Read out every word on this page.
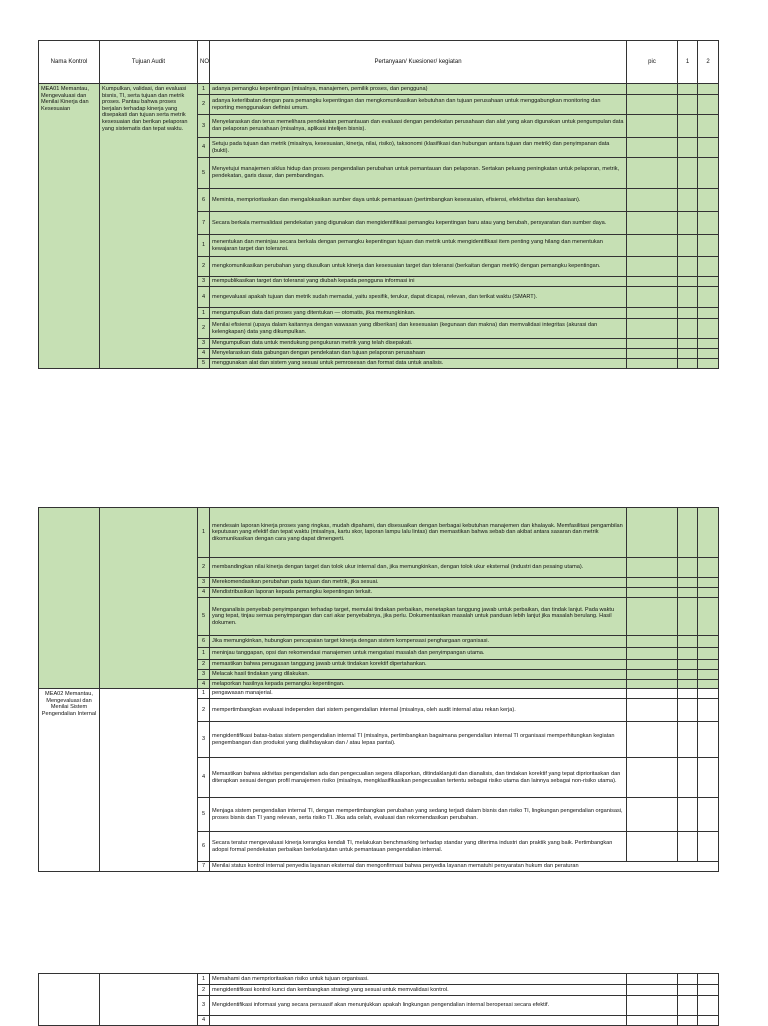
Nama Kontrol	Tujuan Audit	NO	Pertanyaan/ Kuesioner/ kegiatan	pic	1	2
MEA01 Memantau, Mengevaluasi dan Menilai Kinerja dan Kesesuaian	Kumpulkan, validasi, dan evaluasi bisnis, TI, serta tujuan dan metrik proses. Pantau bahwa proses berjalan terhadap kinerja yang disepakati dan tujuan serta metrik kesesuaian dan berikan pelaporan yang sistematis dan tepat waktu.	1	adanya pemangku kepentingan (misalnya, manajemen, pemilik proses, dan pengguna)			
		2	adanya keterlibatan dengan para pemangku kepentingan dan mengkomunikasikan kebutuhan dan tujuan perusahaan untuk menggabungkan monitoring dan reporting menggunakan definisi umum.			
		3	Menyelaraskan dan terus memelihara pendekatan pemantauan dan evaluasi dengan pendekatan perusahaan dan alat yang akan digunakan untuk pengumpulan data dan pelaporan perusahaan (misalnya, aplikasi intelijen bisnis).			
		4	Setuju pada tujuan dan metrik (misalnya, kesesuaian, kinerja, nilai, risiko), taksonomi (klasifikasi dan hubungan antara tujuan dan metrik) dan penyimpanan data (bukti).			
		5	Menyetujui manajemen siklus hidup dan proses pengendalian perubahan untuk pemantauan dan pelaporan. Sertakan peluang peningkatan untuk pelaporan, metrik, pendekatan, garis dasar, dan pembandingan.			
		6	Meminta, memprioritaskan dan mengalokasikan sumber daya untuk pemantauan (pertimbangkan kesesuaian, efisiensi, efektivitas dan kerahasiaan).			
		7	Secara berkala memvalidasi pendekatan yang digunakan dan mengidentifikasi pemangku kepentingan baru atau yang berubah, persyaratan dan sumber daya.			
		1	menentukan dan meninjau secara berkala dengan pemangku kepentingan tujuan dan metrik untuk mengidentifikasi item penting yang hilang dan menentukan kewajaran target dan toleransi.			
		2	mengkomunikasikan perubahan yang diusulkan untuk kinerja dan kesesuaian target dan toleransi (berkaitan dengan metrik) dengan pemangku kepentingan.			
		3	mempublikasikan target dan toleransi yang diubah kepada pengguna informasi ini			
		4	mengevaluasi apakah tujuan dan metrik sudah memadai, yaitu spesifik, terukur, dapat dicapai, relevan, dan terikat waktu (SMART).			
		1	mengumpulkan data dari proses yang ditentukan — otomatis, jika memungkinkan.			
		2	Menilai efisiensi (upaya dalam kaitannya dengan wawasan yang diberikan) dan kesesuaian (kegunaan dan makna) dan memvalidasi integritas (akurasi dan kelengkapan) data yang dikumpulkan.			
		3	Mengumpulkan data untuk mendukung pengukuran metrik yang telah disepakati.			
		4	Menyelaraskan data gabungan dengan pendekatan dan tujuan pelaporan perusahaan			
		5	menggunakan alat dan sistem yang sesuai untuk pemrosesan dan format data untuk analisis.			
		1	mendesain laporan kinerja proses yang ringkas, mudah dipahami, dan disesuaikan dengan berbagai kebutuhan manajemen dan khalayak. Memfasilitasi pengambilan keputusan yang efektif dan tepat waktu (misalnya, kartu skor, laporan lampu lalu lintas) dan memastikan bahwa sebab dan akibat antara sasaran dan metrik dikomunikasikan dengan cara yang dapat dimengerti.			
		2	membandingkan nilai kinerja dengan target dan tolok ukur internal dan, jika memungkinkan, dengan tolok ukur eksternal (industri dan pesaing utama).			
		3	Merekomendasikan perubahan pada tujuan dan metrik, jika sesuai.			
		4	Mendistribusikan laporan kepada pemangku kepentingan terkait.			
		5	Menganalisis penyebab penyimpangan terhadap target, memulai tindakan perbaikan, menetapkan tanggung jawab untuk perbaikan, dan tindak lanjut. Pada waktu yang tepat, tinjau semua penyimpangan dan cari akar penyebabnya, jika perlu. Dokumentasikan masalah untuk panduan lebih lanjut jika masalah berulang. Hasil dokumen.			
		6	Jika memungkinkan, hubungkan pencapaian target kinerja dengan sistem kompensasi penghargaan organisasi.			
		1	meninjau tanggapan, opsi dan rekomendasi manajemen untuk mengatasi masalah dan penyimpangan utama.			
		2	memastikan bahwa penugasan tanggung jawab untuk tindakan korektif dipertahankan.			
		3	Melacak hasil tindakan yang dilakukan.			
		4	melaporkan hasilnya kepada pemangku kepentingan.			
MEA02 Memantau, Mengevaluasi dan Menilai Sistem Pengendalian Internal		1	pengawasan manajerial.			
		2	mempertimbangkan evaluasi independen dari sistem pengendalian internal (misalnya, oleh audit internal atau rekan kerja).			
		3	mengidentifikasi batas-batas sistem pengendalian internal TI (misalnya, pertimbangkan bagaimana pengendalian internal TI organisasi memperhitungkan kegiatan pengembangan dan produksi yang dialihdayakan dan / atau lepas pantai).			
		4	Memastikan bahwa aktivitas pengendalian ada dan pengecualian segera dilaporkan, ditindaklanjuti dan dianalisis, dan tindakan korektif yang tepat diprioritaskan dan diterapkan sesuai dengan profil manajemen risiko (misalnya, mengklasifikasikan pengecualian tertentu sebagai risiko utama dan lainnya sebagai non-risiko utama).			
		5	Menjaga sistem pengendalian internal TI, dengan mempertimbangkan perubahan yang sedang terjadi dalam bisnis dan risiko TI, lingkungan pengendalian organisasi, proses bisnis dan TI yang relevan, serta risiko TI. Jika ada celah, evaluasi dan rekomendasikan perubahan.			
		6	Secara teratur mengevaluasi kinerja kerangka kendali TI, melakukan benchmarking terhadap standar yang diterima industri dan praktik yang baik. Pertimbangkan adopsi formal pendekatan perbaikan berkelanjutan untuk pemantauan pengendalian internal.			
		7	Menilai status kontrol internal penyedia layanan eksternal dan mengonfirmasi bahwa penyedia layanan mematuhi persyaratan hukum dan peraturan			
		1	Memahami dan memprioritaskan risiko untuk tujuan organisasi.			
		2	mengidentifikasi kontrol kunci dan kembangkan strategi yang sesuai untuk memvalidasi kontrol.			
		3	Mengidentifikasi informasi yang secara persuasif akan menunjukkan apakah lingkungan pengendalian internal beroperasi secara efektif.			
		4				
